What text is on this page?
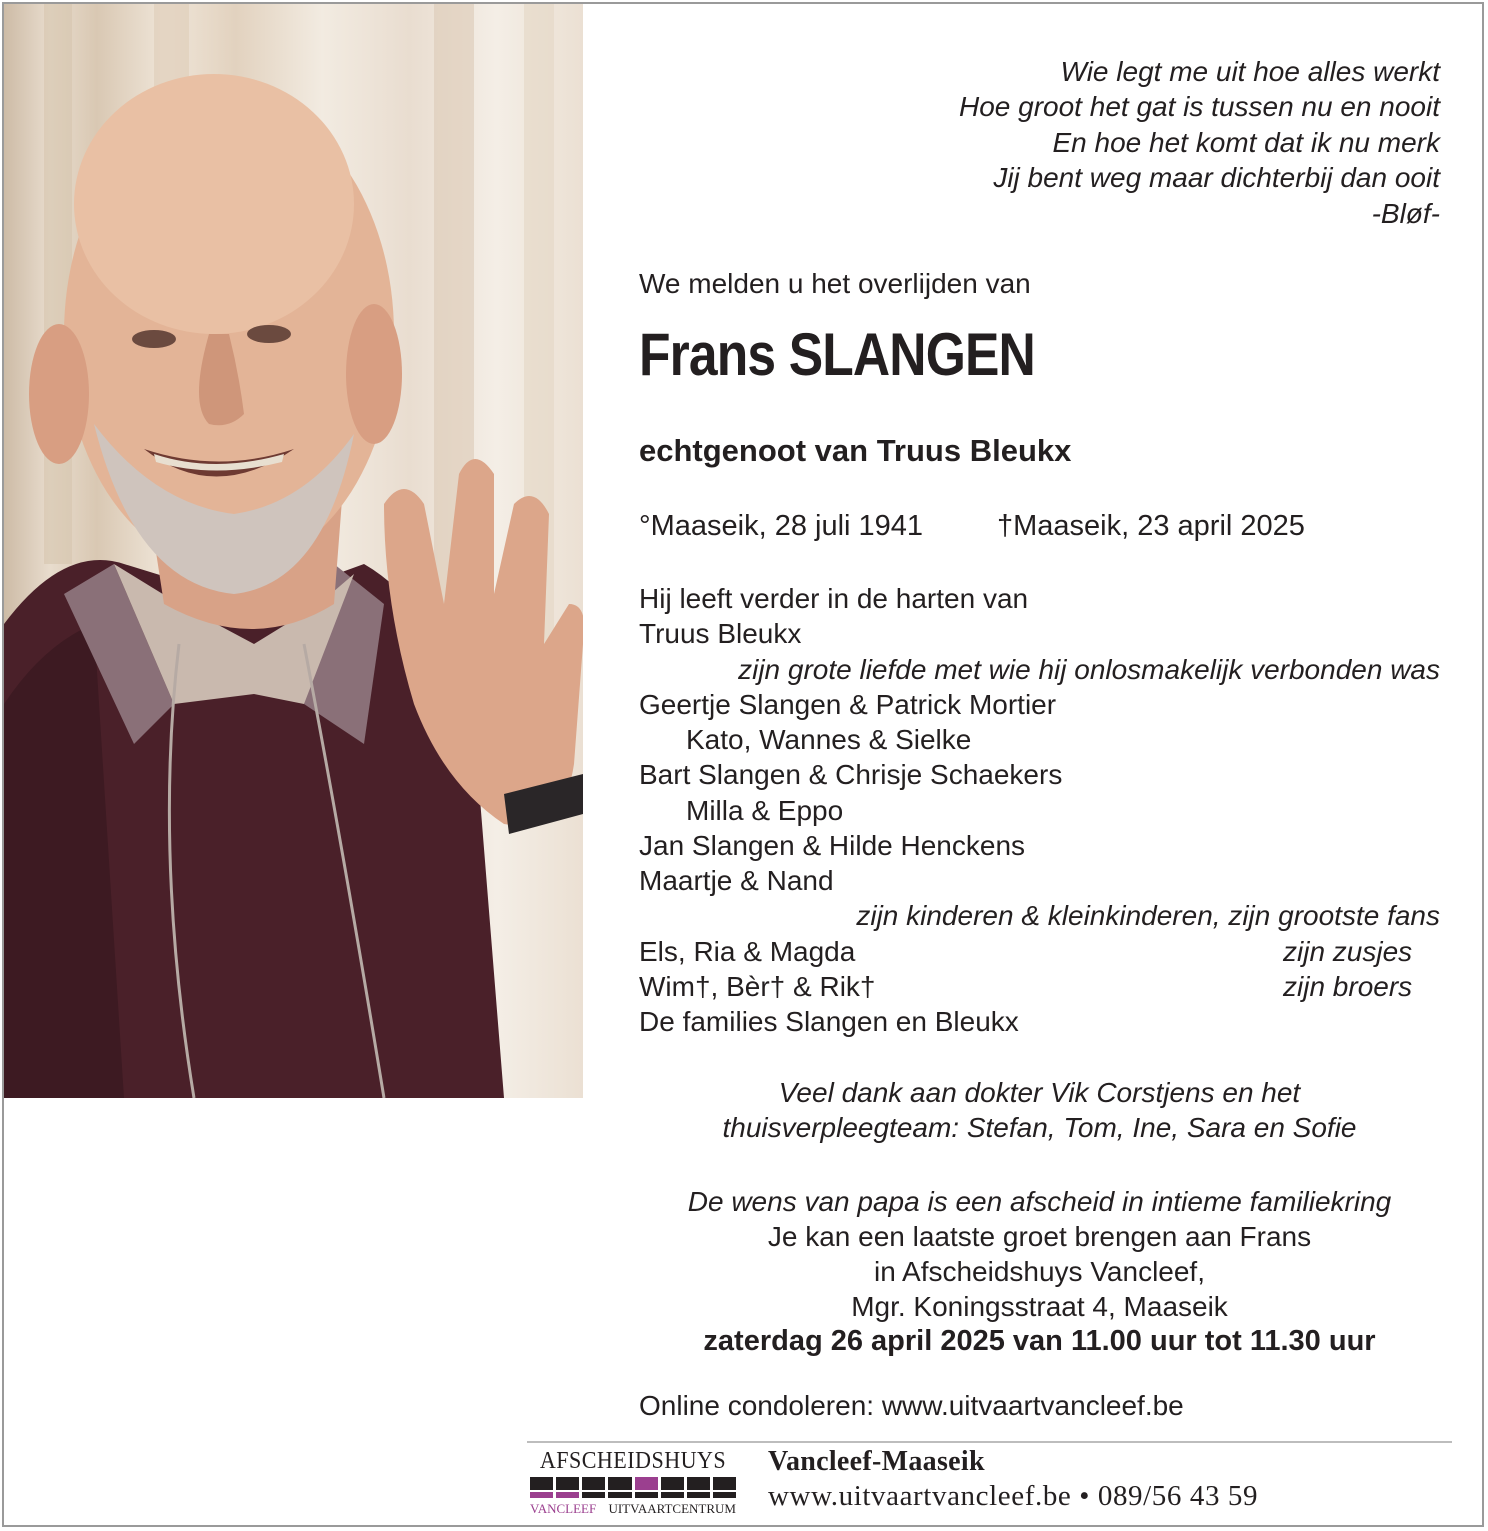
Wie legt me uit hoe alles werkt
Hoe groot het gat is tussen nu en nooit
En hoe het komt dat ik nu merk
Jij bent weg maar dichterbij dan ooit
-Bløf-
We melden u het overlijden van
Frans SLANGEN
echtgenoot van Truus Bleukx
°Maaseik, 28 juli 1941	†Maaseik, 23 april 2025
Hij leeft verder in de harten van
Truus Bleukx
zijn grote liefde met wie hij onlosmakelijk verbonden was
Geertje Slangen & Patrick Mortier
Kato, Wannes & Sielke
Bart Slangen & Chrisje Schaekers
Milla & Eppo
Jan Slangen & Hilde Henckens
Maartje & Nand
zijn kinderen & kleinkinderen, zijn grootste fans
Els, Ria & Magda	zijn zusjes
Wim†, Bèr† & Rik†	zijn broers
De families Slangen en Bleukx
Veel dank aan dokter Vik Corstjens en het
thuisverpleegteam: Stefan, Tom, Ine, Sara en Sofie
De wens van papa is een afscheid in intieme familiekring
Je kan een laatste groet brengen aan Frans
in Afscheidshuys Vancleef,
Mgr. Koningsstraat 4, Maaseik
zaterdag 26 april 2025 van 11.00 uur tot 11.30 uur
Online condoleren: www.uitvaartvancleef.be
AFSCHEIDSHUYS
VANCLEEF UITVAARTCENTRUM
Vancleef-Maaseik
www.uitvaartvancleef.be • 089/56 43 59
